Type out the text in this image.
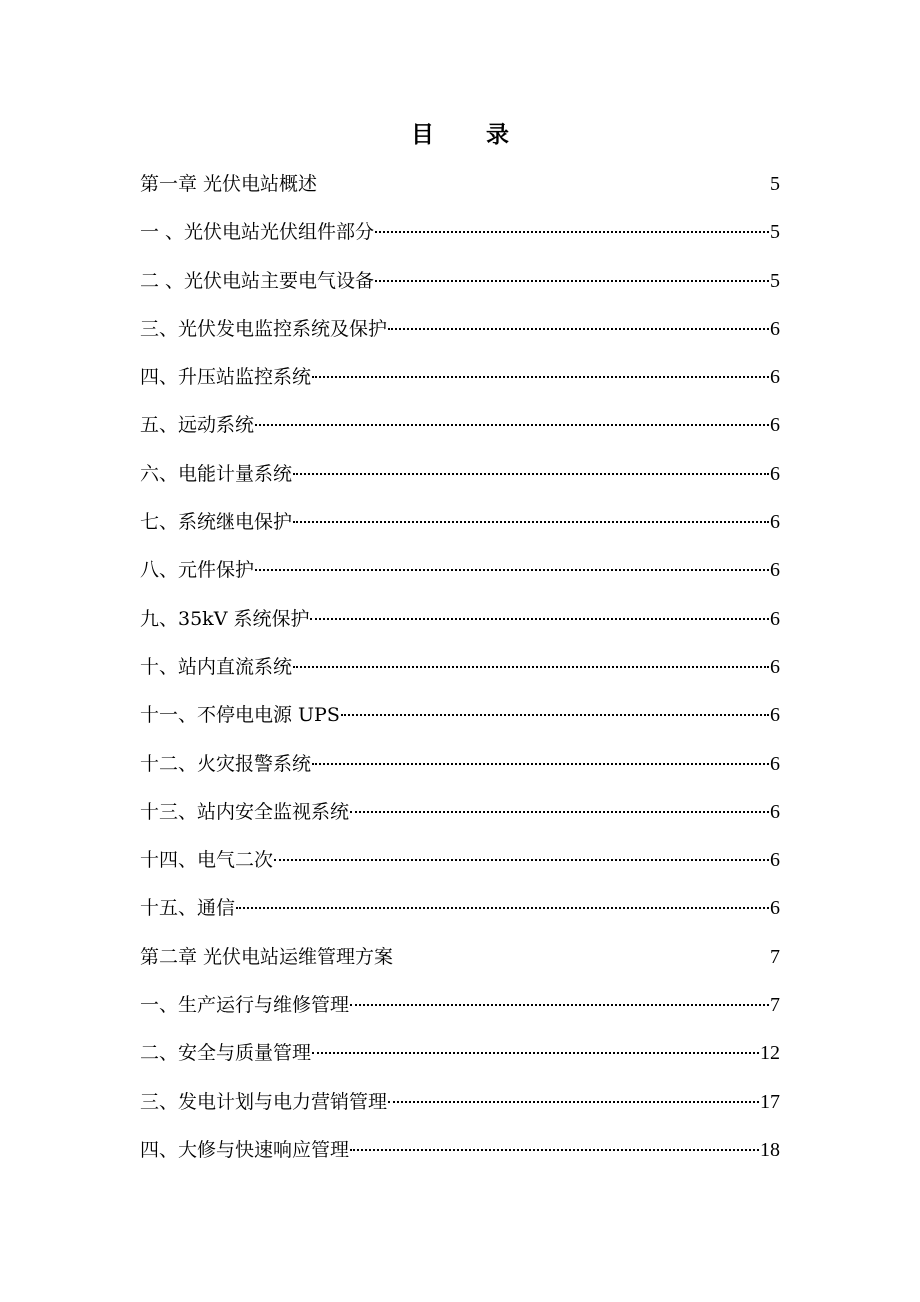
目 录
第一章 光伏电站概述	5
一 、光伏电站光伏组件部分	5
二 、光伏电站主要电气设备	5
三、光伏发电监控系统及保护	6
四、升压站监控系统	6
五、远动系统	6
六、电能计量系统	6
七、系统继电保护	6
八、元件保护	6
九、35kV 系统保护	6
十、站内直流系统	6
十一、不停电电源 UPS	6
十二、火灾报警系统	6
十三、站内安全监视系统	6
十四、电气二次	6
十五、通信	6
第二章 光伏电站运维管理方案	7
一、生产运行与维修管理	7
二、安全与质量管理	12
三、发电计划与电力营销管理	17
四、大修与快速响应管理	18
